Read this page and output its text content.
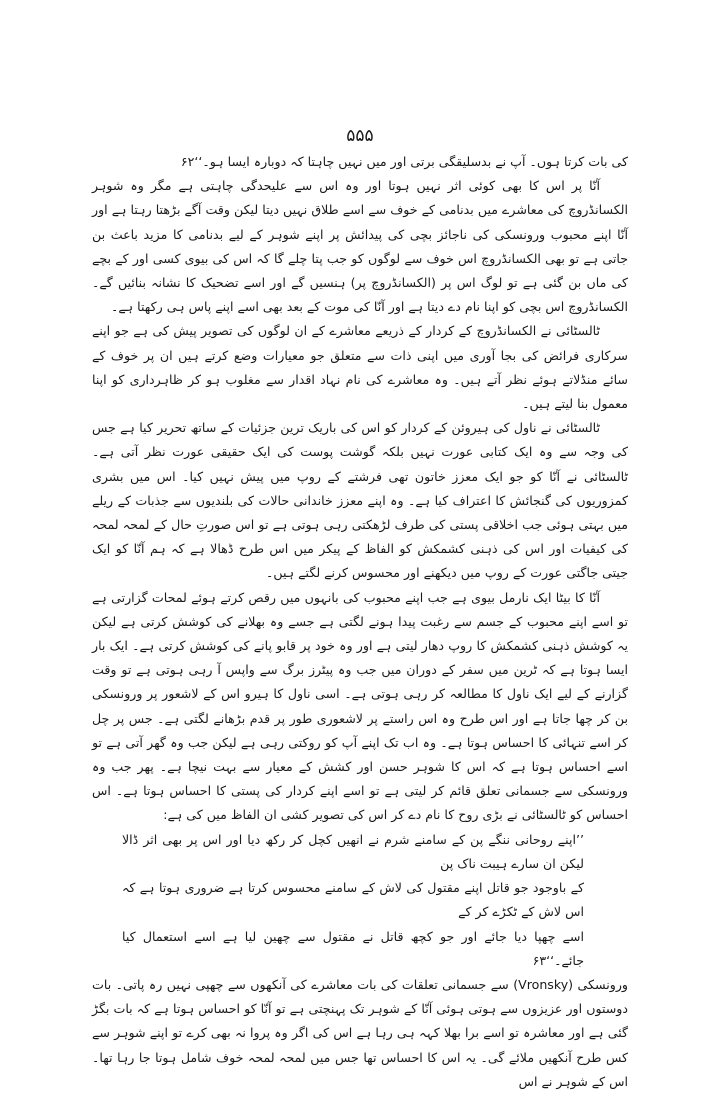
۵۵۵

کی بات کرتا ہوں۔ آپ نے بدسلیقگی برتی اور میں نہیں چاہتا کہ دوبارہ ایسا ہو۔‘‘۶۲

آنّا پر اس کا بھی کوئی اثر نہیں ہوتا اور وہ اس سے علیحدگی چاہتی ہے مگر وہ شوہر الکسانڈروچ کی معاشرے میں بدنامی کے خوف سے اسے طلاق نہیں دیتا لیکن وقت آگے بڑھتا رہتا ہے اور آنّا اپنے محبوب ورونسکی کی ناجائز بچی کی پیدائش پر اپنے شوہر کے لیے بدنامی کا مزید باعث بن جاتی ہے تو بھی الکسانڈروچ اس خوف سے لوگوں کو جب پتا چلے گا کہ اس کی بیوی کسی اور کے بچے کی ماں بن گئی ہے تو لوگ اس پر (الکسانڈروچ پر) ہنسیں گے اور اسے تضحیک کا نشانہ بنائیں گے۔ الکسانڈروچ اس بچی کو اپنا نام دے دیتا ہے اور آنّا کی موت کے بعد بھی اسے اپنے پاس ہی رکھتا ہے۔

ٹالسٹائی نے الکسانڈروچ کے کردار کے ذریعے معاشرے کے ان لوگوں کی تصویر پیش کی ہے جو اپنے سرکاری فرائض کی بجا آوری میں اپنی ذات سے متعلق جو معیارات وضع کرتے ہیں ان پر خوف کے سائے منڈلاتے ہوئے نظر آتے ہیں۔ وہ معاشرے کی نام نہاد اقدار سے مغلوب ہو کر ظاہرداری کو اپنا معمول بنا لیتے ہیں۔

ٹالسٹائی نے ناول کی ہیروئن کے کردار کو اس کی باریک ترین جزئیات کے ساتھ تحریر کیا ہے جس کی وجہ سے وہ ایک کتابی عورت نہیں بلکہ گوشت پوست کی ایک حقیقی عورت نظر آتی ہے۔ ٹالسٹائی نے آنّا کو جو ایک معزز خاتون تھی فرشتے کے روپ میں پیش نہیں کیا۔ اس میں بشری کمزوریوں کی گنجائش کا اعتراف کیا ہے۔ وہ اپنے معزز خاندانی حالات کی بلندیوں سے جذبات کے ریلے میں بہتی ہوئی جب اخلاقی پستی کی طرف لڑھکتی رہی ہوتی ہے تو اس صورتِ حال کے لمحہ لمحہ کی کیفیات اور اس کی ذہنی کشمکش کو الفاظ کے پیکر میں اس طرح ڈھالا ہے کہ ہم آنّا کو ایک جیتی جاگتی عورت کے روپ میں دیکھنے اور محسوس کرنے لگتے ہیں۔

آنّا کا بیٹا ایک نارمل بیوی ہے جب اپنے محبوب کی بانہوں میں رقص کرتے ہوئے لمحات گزارتی ہے تو اسے اپنے محبوب کے جسم سے رغبت پیدا ہونے لگتی ہے جسے وہ بھلانے کی کوشش کرتی ہے لیکن یہ کوشش ذہنی کشمکش کا روپ دھار لیتی ہے اور وہ خود پر قابو پانے کی کوشش کرتی ہے۔ ایک بار ایسا ہوتا ہے کہ ٹرین میں سفر کے دوران میں جب وہ پیٹرز برگ سے واپس آ رہی ہوتی ہے تو وقت گزارنے کے لیے ایک ناول کا مطالعہ کر رہی ہوتی ہے۔ اسی ناول کا ہیرو اس کے لاشعور پر ورونسکی بن کر چھا جاتا ہے اور اس طرح وہ اس راستے پر لاشعوری طور پر قدم بڑھانے لگتی ہے۔ جس پر چل کر اسے تنہائی کا احساس ہوتا ہے۔ وہ اب تک اپنے آپ کو روکتی رہی ہے لیکن جب وہ گھر آتی ہے تو اسے احساس ہوتا ہے کہ اس کا شوہر حسن اور کشش کے معیار سے بہت نیچا ہے۔ پھر جب وہ ورونسکی سے جسمانی تعلق قائم کر لیتی ہے تو اسے اپنے کردار کی پستی کا احساس ہوتا ہے۔ اس احساس کو ٹالسٹائی نے بڑی روح کا نام دے کر اس کی تصویر کشی ان الفاظ میں کی ہے:

’’اپنے روحانی ننگے پن کے سامنے شرم نے انھیں کچل کر رکھ دیا اور اس پر بھی اثر ڈالا لیکن ان سارے ہیبت ناک پن

کے باوجود جو قاتل اپنے مقتول کی لاش کے سامنے محسوس کرتا ہے ضروری ہوتا ہے کہ اس لاش کے ٹکڑے کر کے

اسے چھپا دیا جائے اور جو کچھ قاتل نے مقتول سے چھین لیا ہے اسے استعمال کیا جائے۔‘‘۶۳

ورونسکی (Vronsky) سے جسمانی تعلقات کی بات معاشرے کی آنکھوں سے چھپی نہیں رہ پاتی۔ بات دوستوں اور عزیزوں سے ہوتی ہوئی آنّا کے شوہر تک پہنچتی ہے تو آنّا کو احساس ہوتا ہے کہ بات بگڑ گئی ہے اور معاشرہ تو اسے برا بھلا کہہ ہی رہا ہے اس کی اگر وہ پروا نہ بھی کرے تو اپنے شوہر سے کس طرح آنکھیں ملائے گی۔ یہ اس کا احساس تھا جس میں لمحہ لمحہ خوف شامل ہوتا جا رہا تھا۔ اس کے شوہر نے اس
